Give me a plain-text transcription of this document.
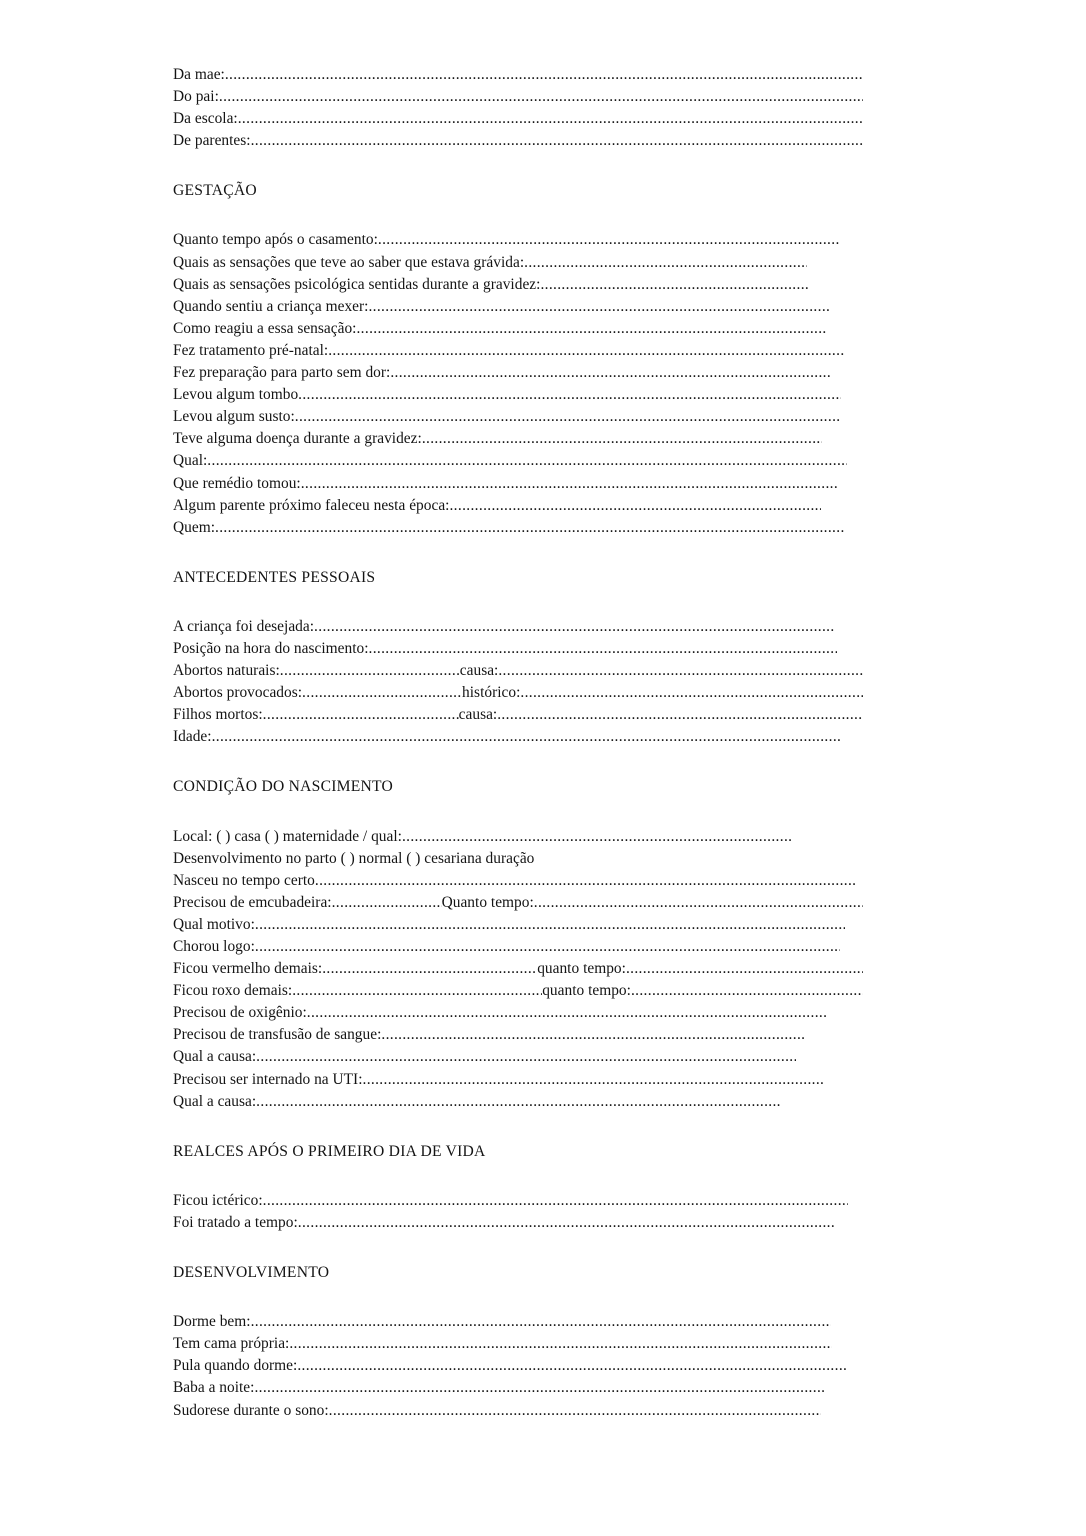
Da mae:.....
Do pai:.....
Da escola:.....
De parentes:.....
GESTAÇÃO
Quanto tempo após o casamento:.....
Quais as sensações que teve ao saber que estava grávida:.....
Quais as sensações psicológica sentidas durante a gravidez:.....
Quando sentiu a criança mexer:.....
Como reagiu a essa sensação:.....
Fez tratamento pré-natal:.....
Fez preparação para parto sem dor:.....
Levou algum tombo.....
Levou algum susto:.....
Teve alguma doença durante a gravidez:.....
Qual:.....
Que remédio tomou:.....
Algum parente próximo faleceu nesta época:.....
Quem:.....
ANTECEDENTES PESSOAIS
A criança foi desejada:.....
Posição na hora do nascimento:.....
Abortos naturais: .....	causa:.....
Abortos provocados: .....	histórico:.....
Filhos mortos: .....	causa:.....
Idade:.....
CONDIÇÃO DO NASCIMENTO
Local: ( ) casa ( ) maternidade / qual:.....
Desenvolvimento no parto ( ) normal ( ) cesariana duração
Nasceu no tempo certo.....
Precisou de emcubadeira: .....	Quanto tempo:.....
Qual motivo:.....
Chorou logo:.....
Ficou vermelho demais: .....	quanto tempo:.....
Ficou roxo demais: .....	quanto tempo:.....
Precisou de oxigênio:.....
Precisou de transfusão de sangue:.....
Qual a causa:.....
Precisou ser internado na UTI:.....
Qual a causa:.....
REALCES APÓS O PRIMEIRO DIA DE VIDA
Ficou ictérico:.....
Foi tratado a tempo:.....
DESENVOLVIMENTO
Dorme bem:.....
Tem cama própria:.....
Pula quando dorme:.....
Baba a noite:.....
Sudorese durante o sono:.....
